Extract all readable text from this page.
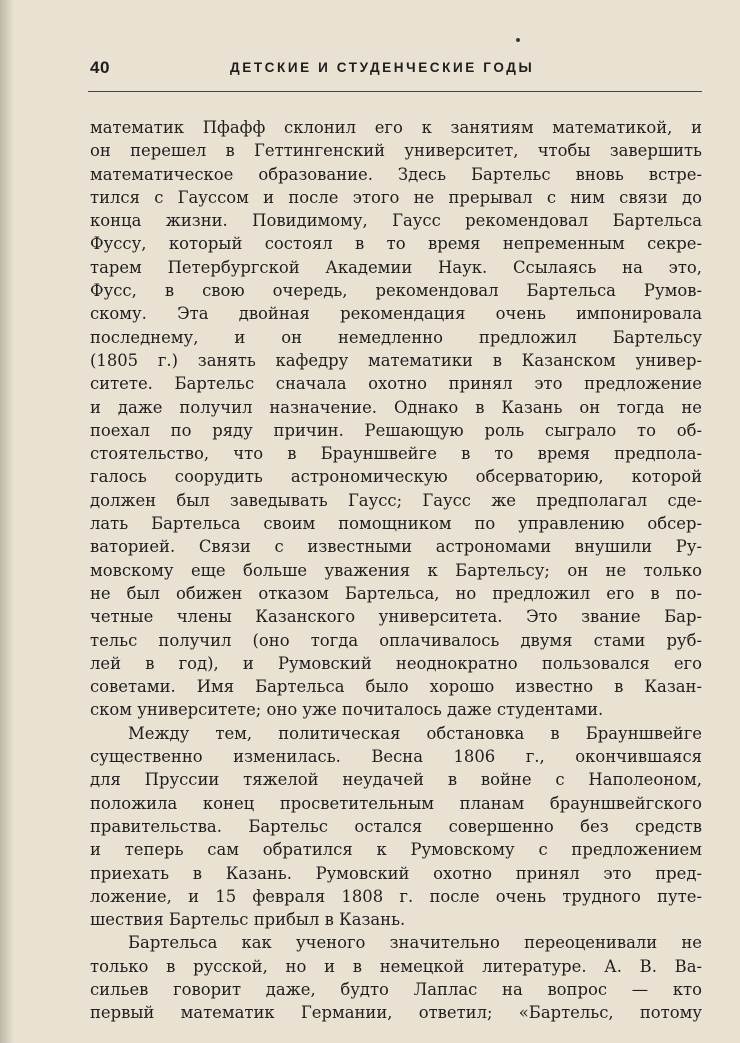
40	ДЕТСКИЕ И СТУДЕНЧЕСКИЕ ГОДЫ
математик Пфафф склонил его к занятиям математикой, и
он перешел в Геттингенский университет, чтобы завершить
математическое образование. Здесь Бартельс вновь встре-
тился с Гауссом и после этого не прерывал с ним связи до
конца жизни. Повидимому, Гаусс рекомендовал Бартельса
Фуссу, который состоял в то время непременным секре-
тарем Петербургской Академии Наук. Ссылаясь на это,
Фусс, в свою очередь, рекомендовал Бартельса Румов-
скому. Эта двойная рекомендация очень импонировала
последнему, и он немедленно предложил Бартельсу
(1805 г.) занять кафедру математики в Казанском универ-
ситете. Бартельс сначала охотно принял это предложение
и даже получил назначение. Однако в Казань он тогда не
поехал по ряду причин. Решающую роль сыграло то об-
стоятельство, что в Брауншвейге в то время предпола-
галось соорудить астрономическую обсерваторию, которой
должен был заведывать Гаусс; Гаусс же предполагал сде-
лать Бартельса своим помощником по управлению обсер-
ваторией. Связи с известными астрономами внушили Ру-
мовскому еще больше уважения к Бартельсу; он не только
не был обижен отказом Бартельса, но предложил его в по-
четные члены Казанского университета. Это звание Бар-
тельс получил (оно тогда оплачивалось двумя стами руб-
лей в год), и Румовский неоднократно пользовался его
советами. Имя Бартельса было хорошо известно в Казан-
ском университете; оно уже почиталось даже студентами.
Между тем, политическая обстановка в Брауншвейге
существенно изменилась. Весна 1806 г., окончившаяся
для Пруссии тяжелой неудачей в войне с Наполеоном,
положила конец просветительным планам брауншвейгского
правительства. Бартельс остался совершенно без средств
и теперь сам обратился к Румовскому с предложением
приехать в Казань. Румовский охотно принял это пред-
ложение, и 15 февраля 1808 г. после очень трудного путе-
шествия Бартельс прибыл в Казань.
Бартельса как ученого значительно переоценивали не
только в русской, но и в немецкой литературе. А. В. Ва-
сильев говорит даже, будто Лаплас на вопрос — кто
первый математик Германии, ответил; «Бартельс, потому
